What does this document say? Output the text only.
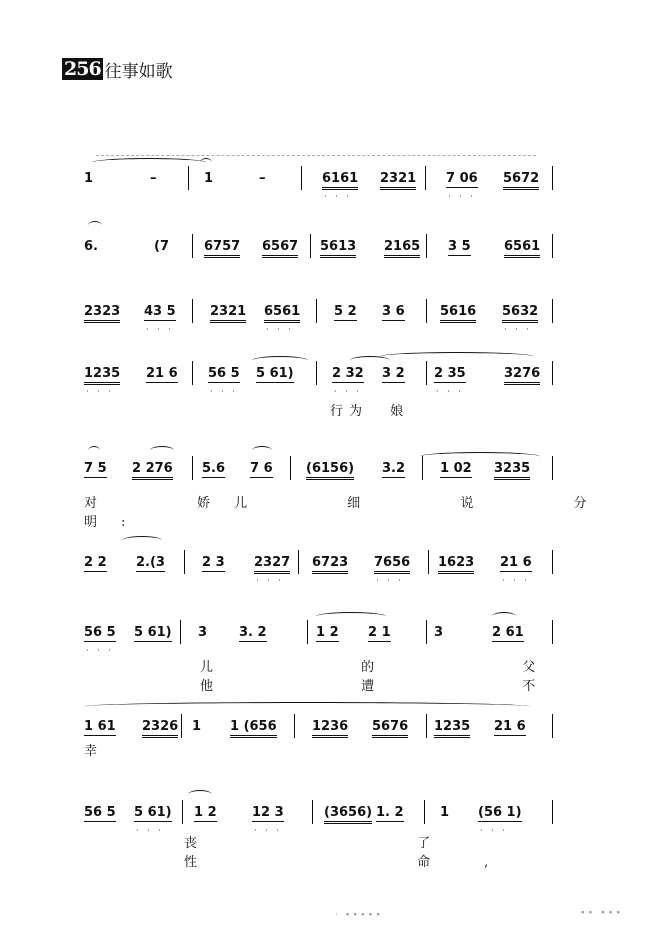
256 往事如歌
1	–	1	–	6161
· · ·
2321 7 06
· · ·
5672
6.	(7	6757 6567 5613 2165 3 5	6561
2323 43 5
· · ·
2321 6561
· · ·
5 2 3 6	5616 5632
· · ·
1235
· · ·
21 6 56 5
· · ·
5 61)	2 32
· · ·
3 2 2 35
· · ·
3276
行为 娘
7 5 2 276 5.6 7 6	(6156) 3.2	1 02 3235
对 娇儿 细 说 分 明:
2 2 2.(3	2 3 2327
· · ·
6723 7656
· · ·
1623 21 6
· · ·
56 5
· · ·
5 61) 3 3. 2	1 2 2 1	3	2 61
儿 的 父 他 遭 不
1 61 2326 1 1 (656	1236 5676 1235 21 6
幸
56 5 5 61)
· · ·
1 2	12 3
· · ·
(3656) 1. 2	1 (56 1)
· · ·
丧 了 性 命,
· ∙∙∙∙∙	∙∙ ∙∙∙
